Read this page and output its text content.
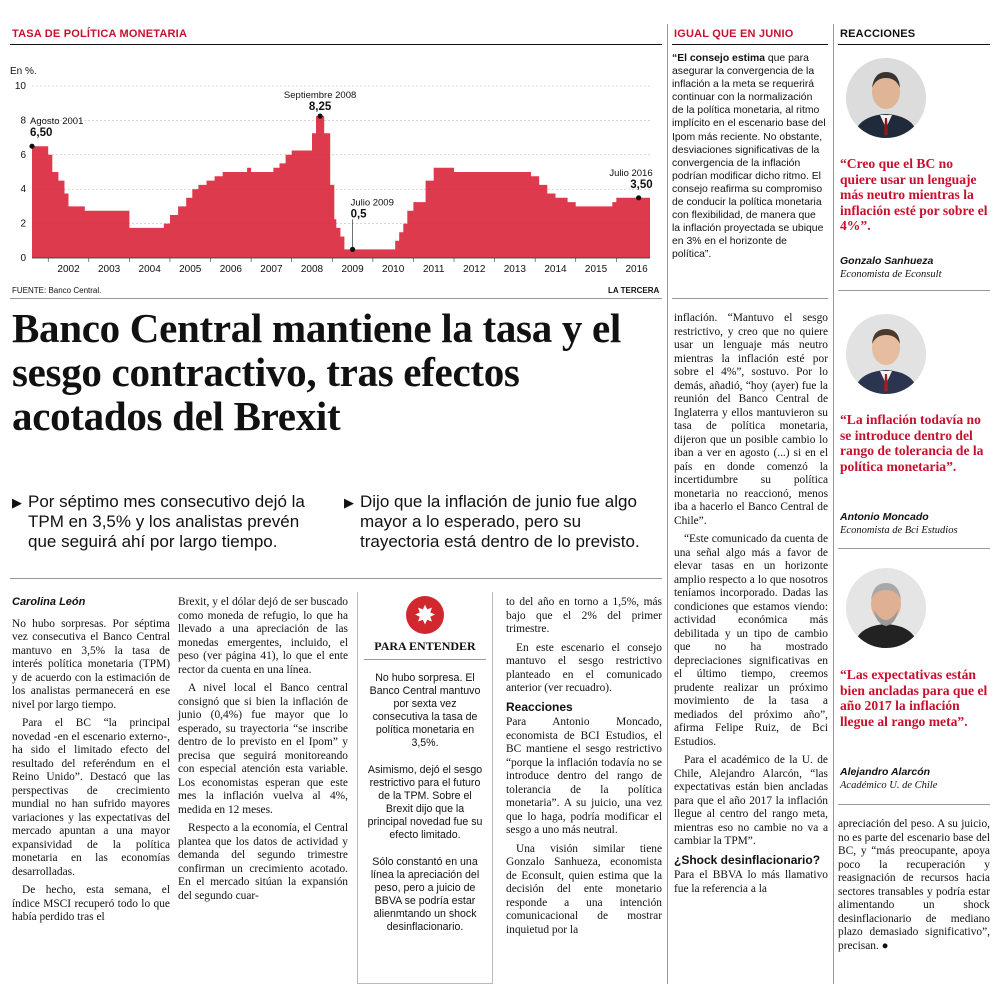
TASA DE POLÍTICA MONETARIA
En %.
0
2
4
6
8
10
2002 2003 2004 2005 2006 2007 2008 2009 2010 2011 2012 2013 2014 2015 2016
Agosto 2001
6,50
Septiembre 2008
8,25
Julio 2009
0,5
Julio 2016
3,50
FUENTE: Banco Central.	LA TERCERA
Banco Central mantiene la tasa y el sesgo contractivo, tras efectos acotados del Brexit
▶ Por séptimo mes consecutivo dejó la TPM en 3,5% y los analistas prevén que seguirá ahí por largo tiempo.
▶ Dijo que la inflación de junio fue algo mayor a lo esperado, pero su trayectoria está dentro de lo previsto.
Carolina León

No hubo sorpresas. Por séptima vez consecutiva el Banco Central mantuvo en 3,5% la tasa de interés política monetaria (TPM) y de acuerdo con la estimación de los analistas permanecerá en ese nivel por largo tiempo.

Para el BC “la principal novedad -en el escenario externo-, ha sido el limitado efecto del resultado del referéndum en el Reino Unido”. Destacó que las perspectivas de crecimiento mundial no han sufrido mayores variaciones y las expectativas del mercado apuntan a una mayor expansividad de la política monetaria en las economías desarrolladas.

De hecho, esta semana, el índice MSCI recuperó todo lo que había perdido tras el

Brexit, y el dólar dejó de ser buscado como moneda de refugio, lo que ha llevado a una apreciación de las monedas emergentes, incluido, el peso (ver página 41), lo que el ente rector da cuenta en una línea.

A nivel local el Banco central consignó que si bien la inflación de junio (0,4%) fue mayor que lo esperado, su trayectoria “se inscribe dentro de lo previsto en el Ipom” y precisa que seguirá monitoreando con especial atención esta variable. Los economistas esperan que este mes la inflación vuelva al 4%, medida en 12 meses.

Respecto a la economía, el Central plantea que los datos de actividad y demanda del segundo trimestre confirman un crecimiento acotado. En el mercado sitúan la expansión del segundo cuar-

✸
PARA ENTENDER

No hubo sorpresa. El Banco Central mantuvo por sexta vez consecutiva la tasa de política monetaria en 3,5%.

Asimismo, dejó el sesgo restrictivo para el futuro de la TPM. Sobre el Brexit dijo que la principal novedad fue su efecto limitado.

Sólo constantó en una línea la apreciación del peso, pero a juicio de BBVA se podría estar alienmtando un shock desinflacionario.

to del año en torno a 1,5%, más bajo que el 2% del primer trimestre.

En este escenario el consejo mantuvo el sesgo restrictivo planteado en el comunicado anterior (ver recuadro).

Reacciones

Para Antonio Moncado, economista de BCI Estudios, el BC mantiene el sesgo restrictivo “porque la inflación todavía no se introduce dentro del rango de tolerancia de la política monetaria”. A su juicio, una vez que lo haga, podría modificar el sesgo a uno más neutral.

Una visión similar tiene Gonzalo Sanhueza, economista de Econsult, quien estima que la decisión del ente monetario responde a una intención comunicacional de mostrar inquietud por la

IGUAL QUE EN JUNIO
“El consejo estima que para asegurar la convergencia de la inflación a la meta se requerirá continuar con la normalización de la política monetaria, al ritmo implícito en el escenario base del Ipom más reciente. No obstante, desviaciones significativas de la convergencia de la inflación podrían modificar dicho ritmo. El consejo reafirma su compromiso de conducir la política monetaria con flexibilidad, de manera que la inflación proyectada se ubique en 3% en el horizonte de política”.

inflación. “Mantuvo el sesgo restrictivo, y creo que no quiere usar un lenguaje más neutro mientras la inflación esté por sobre el 4%”, sostuvo. Por lo demás, añadió, “hoy (ayer) fue la reunión del Banco Central de Inglaterra y ellos mantuvieron su tasa de política monetaria, dijeron que un posible cambio lo iban a ver en agosto (...) si en el país en donde comenzó la incertidumbre su política monetaria no reaccionó, menos iba a hacerlo el Banco Central de Chile”.

“Este comunicado da cuenta de una señal algo más a favor de elevar tasas en un horizonte amplio respecto a lo que nosotros teníamos incorporado. Dadas las condiciones que estamos viendo: actividad económica más debilitada y un tipo de cambio que no ha mostrado depreciaciones significativas en el último tiempo, creemos prudente realizar un próximo movimiento de la tasa a mediados del próximo año”, afirma Felipe Ruiz, de Bci Estudios.

Para el académico de la U. de Chile, Alejandro Alarcón, “las expectativas están bien ancladas para que el año 2017 la inflación llegue al centro del rango meta, mientras eso no cambie no va a cambiar la TPM”.

¿Shock desinflacionario?

Para el BBVA lo más llamativo fue la referencia a la

apreciación del peso. A su juicio, no es parte del escenario base del BC, y “más preocupante, apoya poco la recuperación y reasignación de recursos hacia sectores transables y podría estar alimentando un shock desinflacionario de mediano plazo demasiado significativo”, precisan. ●

REACCIONES
“Creo que el BC no quiere usar un lenguaje más neutro mientras la inflación esté por sobre el 4%”.
Gonzalo Sanhueza
Economista de Econsult
“La inflación todavía no se introduce dentro del rango de tolerancia de la política monetaria”.
Antonio Moncado
Economista de Bci Estudios
“Las expectativas están bien ancladas para que el año 2017 la inflación llegue al rango meta”.
Alejandro Alarcón
Académico U. de Chile
